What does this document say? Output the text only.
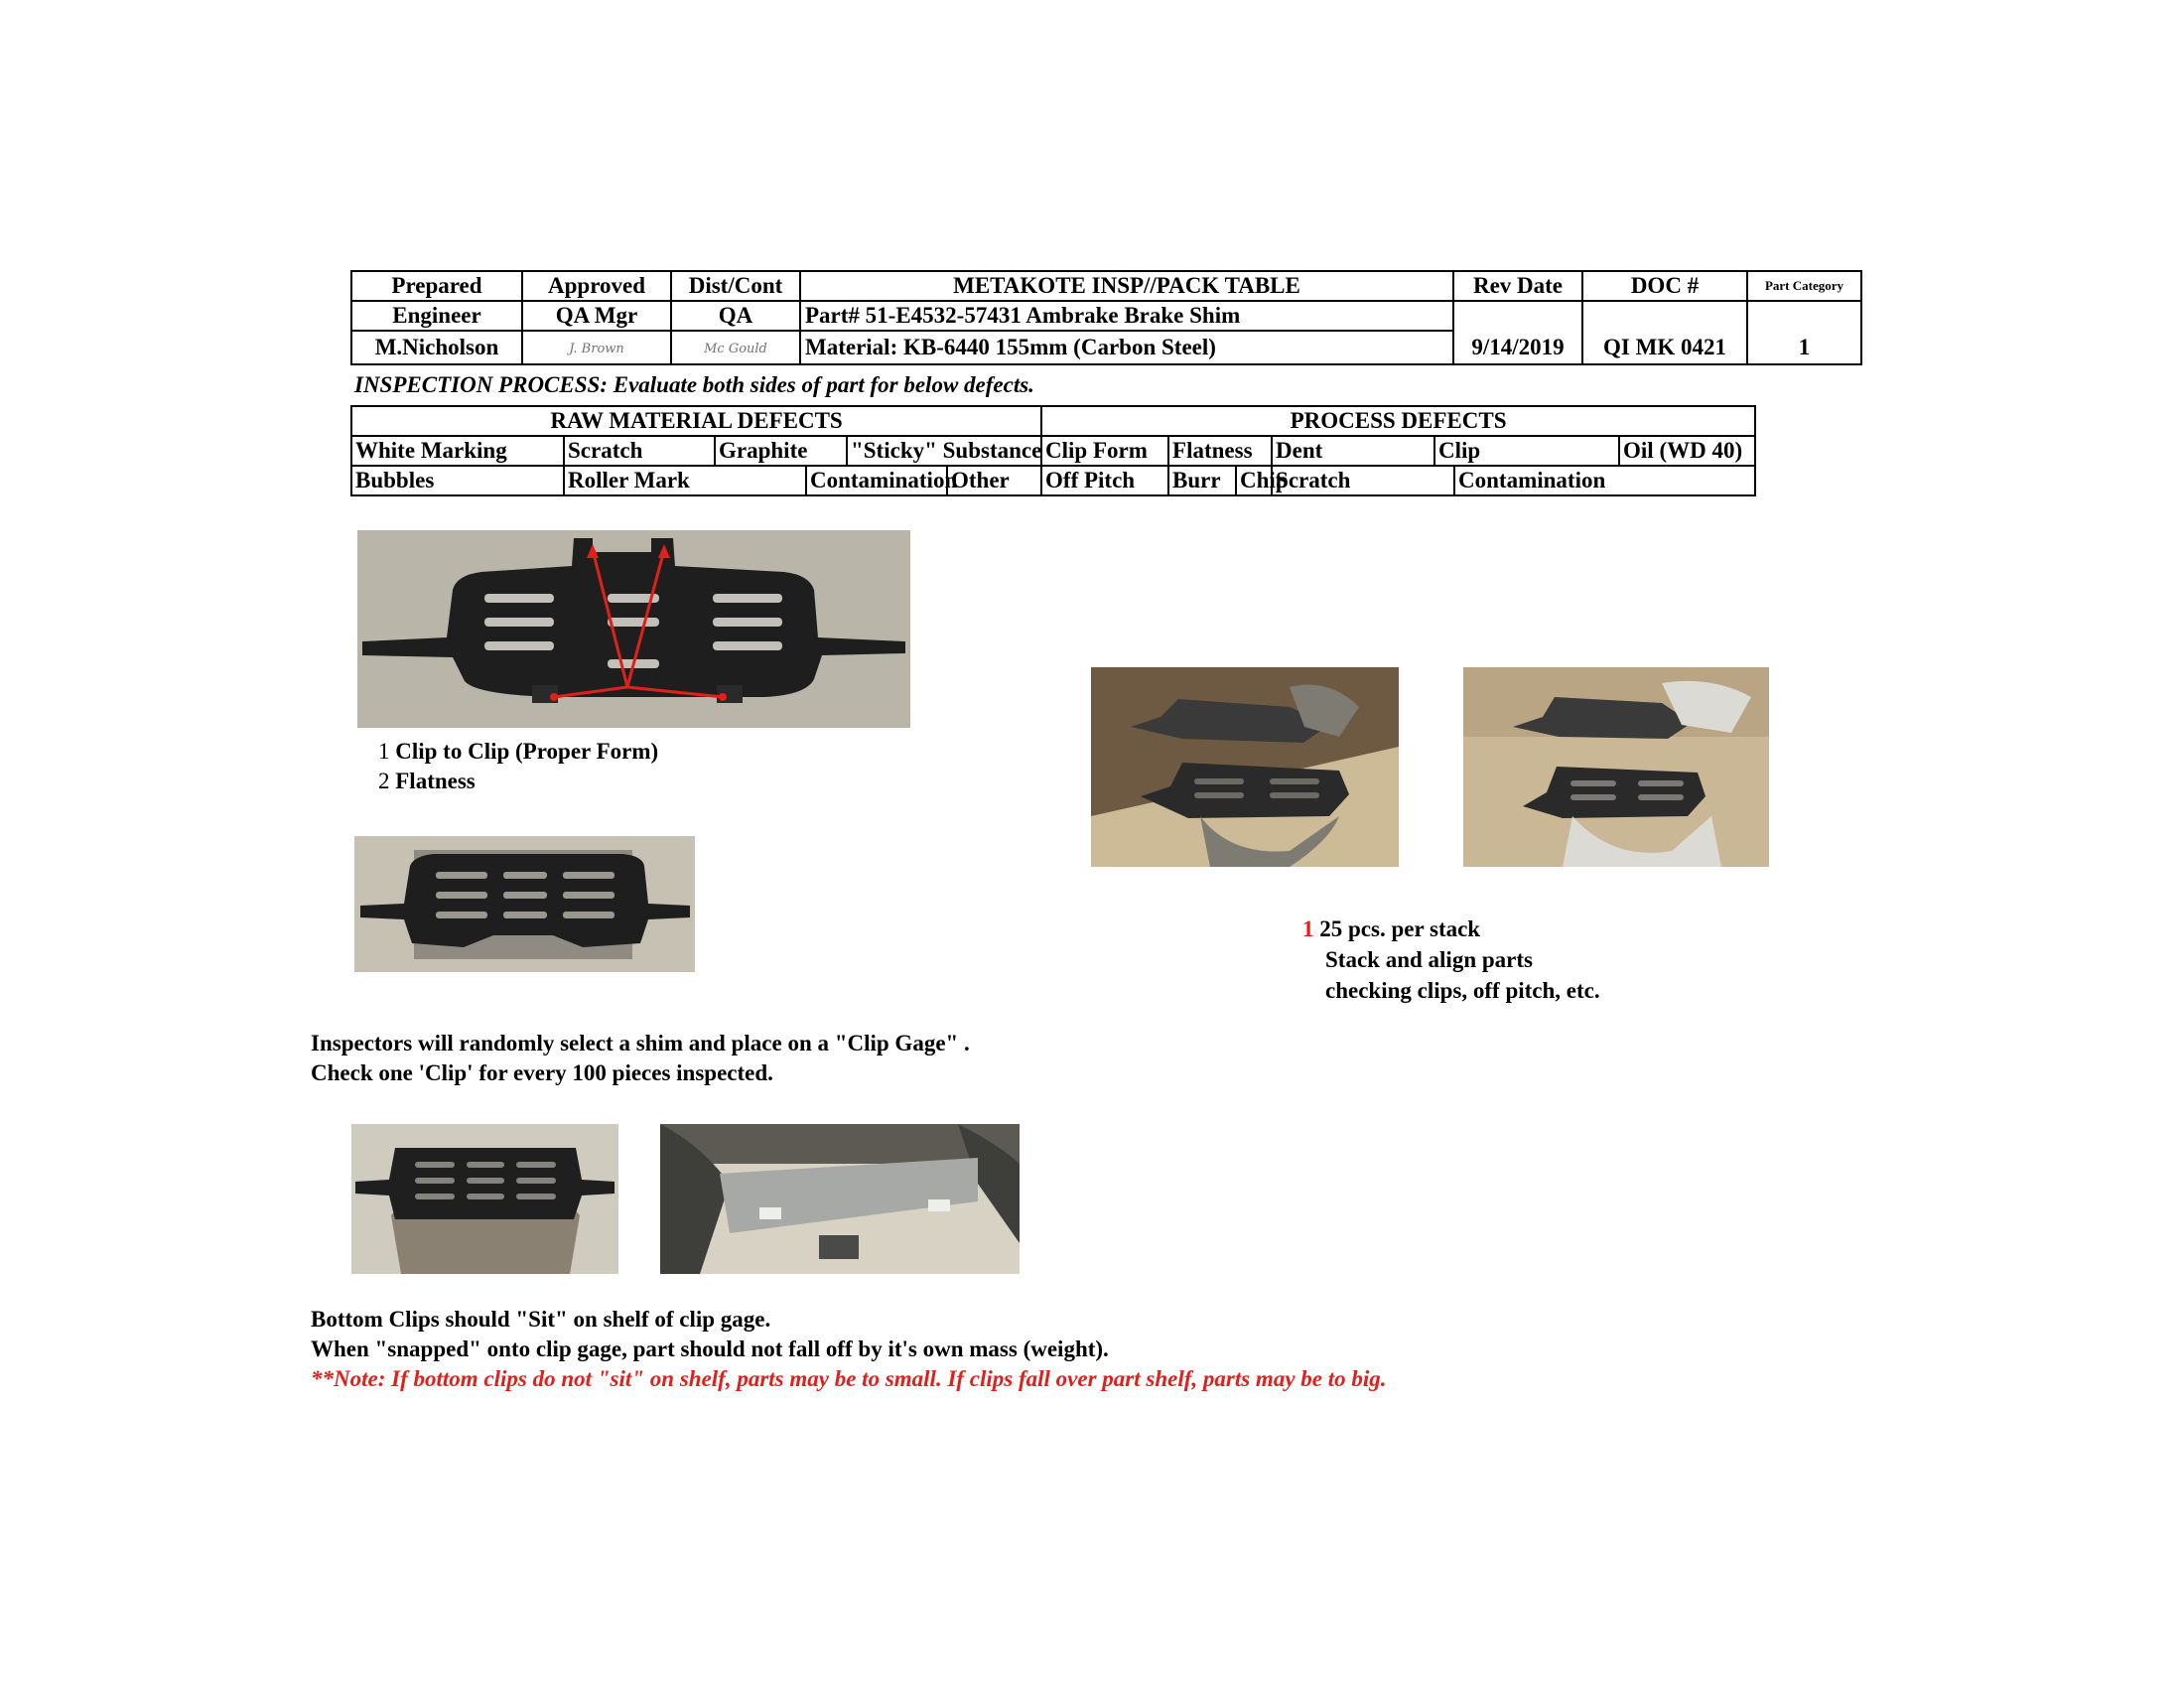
Prepared	Approved	Dist/Cont	METAKOTE INSP//PACK TABLE	Rev Date	DOC #	Part Category
Engineer	QA Mgr	QA	Part# 51-E4532-57431 Ambrake Brake Shim			
M.Nicholson	J. Brown	Mc Gould	Material: KB-6440 155mm (Carbon Steel)	9/14/2019	QI MK 0421	1
INSPECTION PROCESS: Evaluate both sides of part for below defects.
RAW MATERIAL DEFECTS						PROCESS DEFECTS						
White Marking	Scratch	Graphite		"Sticky" Substance		Clip Form	Flatness		Dent	Clip		Oil (WD 40)
Bubbles	Roller Mark		Contamination		Other	Off Pitch	Burr	Chip	Scratch		Contamination	
1 Clip to Clip (Proper Form)
2 Flatness
1 25 pcs. per stack
Stack and align parts
checking clips, off pitch, etc.
Inspectors will randomly select a shim and place on a "Clip Gage" .
Check one 'Clip' for every 100 pieces inspected.
Bottom Clips should "Sit" on shelf of clip gage.
When "snapped" onto clip gage, part should not fall off by it's own mass (weight).
**Note: If bottom clips do not "sit" on shelf, parts may be to small. If clips fall over part shelf, parts may be to big.
